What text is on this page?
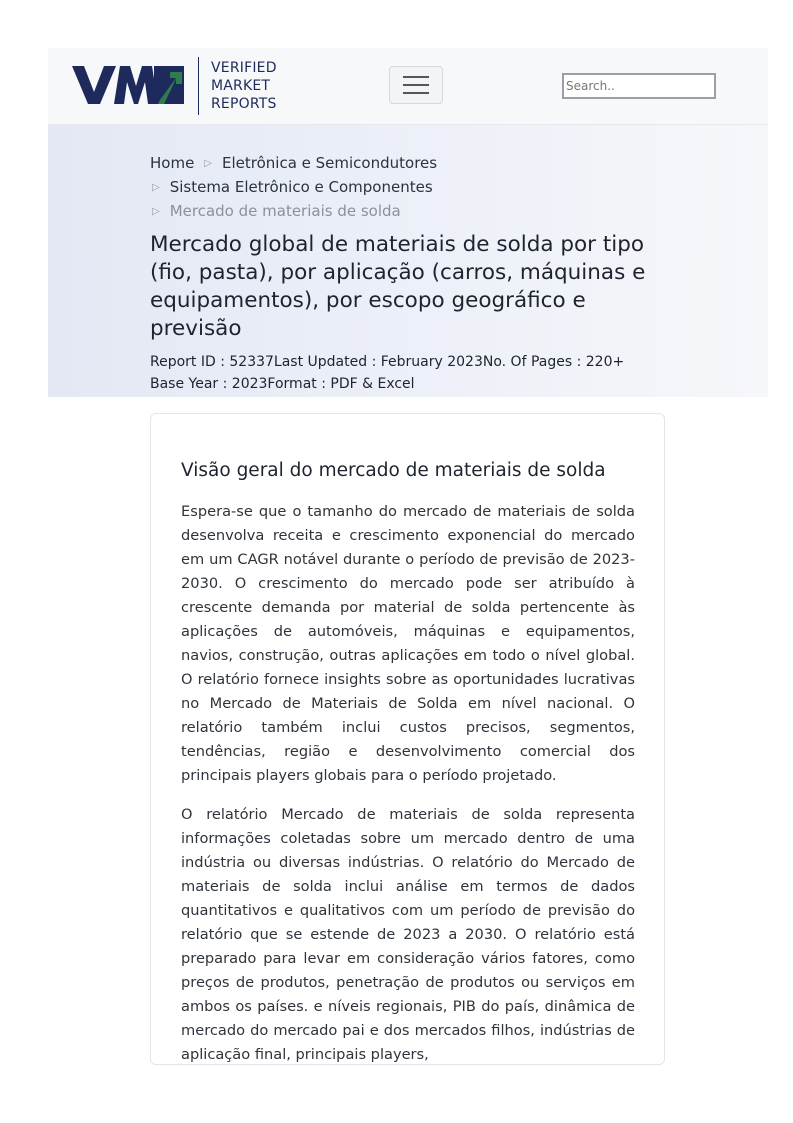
VERIFIED
MARKET
REPORTS
Search..
Home ▷ Eletrônica e Semicondutores
▷ Sistema Eletrônico e Componentes
▷ Mercado de materiais de solda
Mercado global de materiais de solda por tipo (fio, pasta), por aplicação (carros, máquinas e equipamentos), por escopo geográfico e previsão
Report ID : 52337Last Updated : February 2023No. Of Pages : 220+
Base Year : 2023Format : PDF & Excel
Visão geral do mercado de materiais de solda

Espera-se que o tamanho do mercado de materiais de solda desenvolva receita e crescimento exponencial do mercado em um CAGR notável durante o período de previsão de 2023-2030. O crescimento do mercado pode ser atribuído à crescente demanda por material de solda pertencente às aplicações de automóveis, máquinas e equipamentos, navios, construção, outras aplicações em todo o nível global. O relatório fornece insights sobre as oportunidades lucrativas no Mercado de Materiais de Solda em nível nacional. O relatório também inclui custos precisos, segmentos, tendências, região e desenvolvimento comercial dos principais players globais para o período projetado.

O relatório Mercado de materiais de solda representa informações coletadas sobre um mercado dentro de uma indústria ou diversas indústrias. O relatório do Mercado de materiais de solda inclui análise em termos de dados quantitativos e qualitativos com um período de previsão do relatório que se estende de 2023 a 2030. O relatório está preparado para levar em consideração vários fatores, como preços de produtos, penetração de produtos ou serviços em ambos os países. e níveis regionais, PIB do país, dinâmica de mercado do mercado pai e dos mercados filhos, indústrias de aplicação final, principais players,
